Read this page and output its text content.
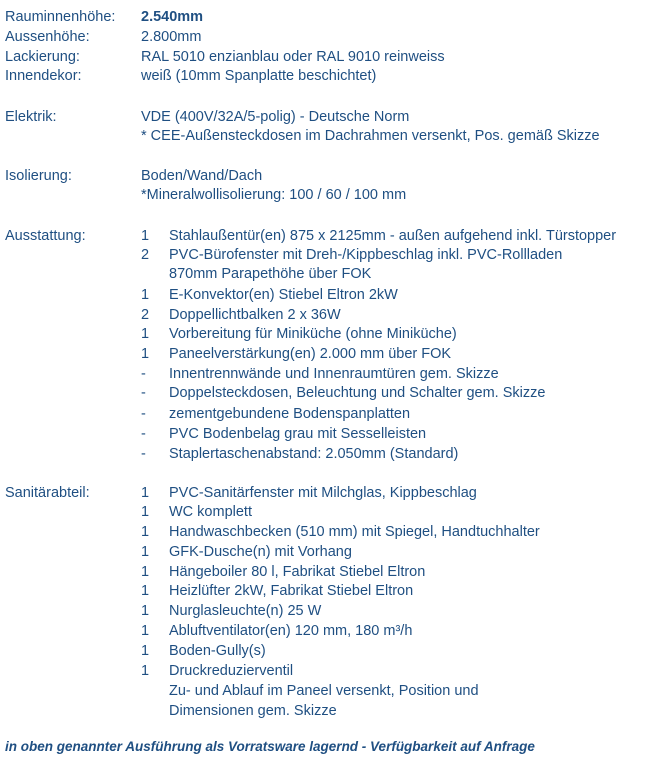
Rauminnenhöhe: 2.540mm
Aussenhöhe:	2.800mm
Lackierung:	RAL 5010 enzianblau oder RAL 9010 reinweiss
Innendekor:	weiß (10mm Spanplatte beschichtet)
Elektrik:	VDE (400V/32A/5-polig) - Deutsche Norm
* CEE-Außensteckdosen im Dachrahmen versenkt, Pos. gemäß Skizze
Isolierung:	Boden/Wand/Dach
*Mineralwollisolierung: 100 / 60 / 100 mm
Ausstattung:	1	Stahlaußentür(en) 875 x 2125mm - außen aufgehend inkl. Türstopper
2	PVC-Bürofenster mit Dreh-/Kippbeschlag inkl. PVC-Rollladen
870mm Parapethöhe über FOK
1	E-Konvektor(en) Stiebel Eltron 2kW
2	Doppellichtbalken 2 x 36W
1	Vorbereitung für Miniküche (ohne Miniküche)
1	Paneelverstärkung(en) 2.000 mm über FOK
-	Innentrennwände und Innenraumtüren gem. Skizze
-	Doppelsteckdosen, Beleuchtung und Schalter gem. Skizze
-	zementgebundene Bodenspanplatten
-	PVC Bodenbelag grau mit Sesselleisten
-	Staplertaschenabstand: 2.050mm (Standard)
Sanitärabteil:	1	PVC-Sanitärfenster mit Milchglas, Kippbeschlag
1	WC komplett
1	Handwaschbecken (510 mm) mit Spiegel, Handtuchhalter
1	GFK-Dusche(n) mit Vorhang
1	Hängeboiler 80 l, Fabrikat Stiebel Eltron
1	Heizlüfter 2kW, Fabrikat Stiebel Eltron
1	Nurglasleuchte(n) 25 W
1	Abluftventilator(en) 120 mm, 180 m³/h
1	Boden-Gully(s)
1	Druckreduzierventil
Zu- und Ablauf im Paneel versenkt, Position und
Dimensionen gem. Skizze
in oben genannter Ausführung als Vorratsware lagernd - Verfügbarkeit auf Anfrage
